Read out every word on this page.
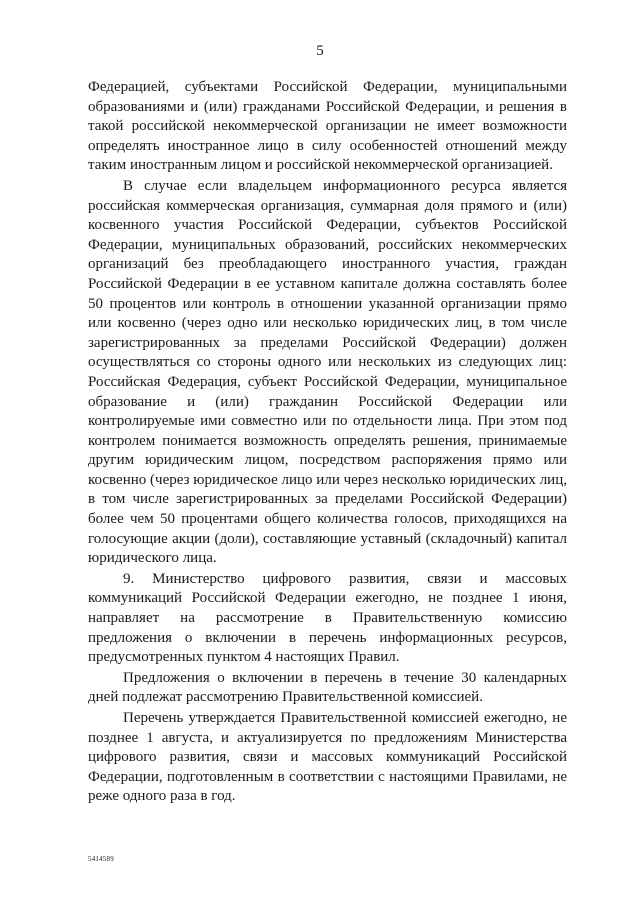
5

Федерацией, субъектами Российской Федерации, муниципальными образованиями и (или) гражданами Российской Федерации, и решения в такой российской некоммерческой организации не имеет возможности определять иностранное лицо в силу особенностей отношений между таким иностранным лицом и российской некоммерческой организацией.

В случае если владельцем информационного ресурса является российская коммерческая организация, суммарная доля прямого и (или) косвенного участия Российской Федерации, субъектов Российской Федерации, муниципальных образований, российских некоммерческих организаций без преобладающего иностранного участия, граждан Российской Федерации в ее уставном капитале должна составлять более 50 процентов или контроль в отношении указанной организации прямо или косвенно (через одно или несколько юридических лиц, в том числе зарегистрированных за пределами Российской Федерации) должен осуществляться со стороны одного или нескольких из следующих лиц: Российская Федерация, субъект Российской Федерации, муниципальное образование и (или) гражданин Российской Федерации или контролируемые ими совместно или по отдельности лица. При этом под контролем понимается возможность определять решения, принимаемые другим юридическим лицом, посредством распоряжения прямо или косвенно (через юридическое лицо или через несколько юридических лиц, в том числе зарегистрированных за пределами Российской Федерации) более чем 50 процентами общего количества голосов, приходящихся на голосующие акции (доли), составляющие уставный (складочный) капитал юридического лица.

9. Министерство цифрового развития, связи и массовых коммуникаций Российской Федерации ежегодно, не позднее 1 июня, направляет на рассмотрение в Правительственную комиссию предложения о включении в перечень информационных ресурсов, предусмотренных пунктом 4 настоящих Правил.

Предложения о включении в перечень в течение 30 календарных дней подлежат рассмотрению Правительственной комиссией.

Перечень утверждается Правительственной комиссией ежегодно, не позднее 1 августа, и актуализируется по предложениям Министерства цифрового развития, связи и массовых коммуникаций Российской Федерации, подготовленным в соответствии с настоящими Правилами, не реже одного раза в год.

5414589
